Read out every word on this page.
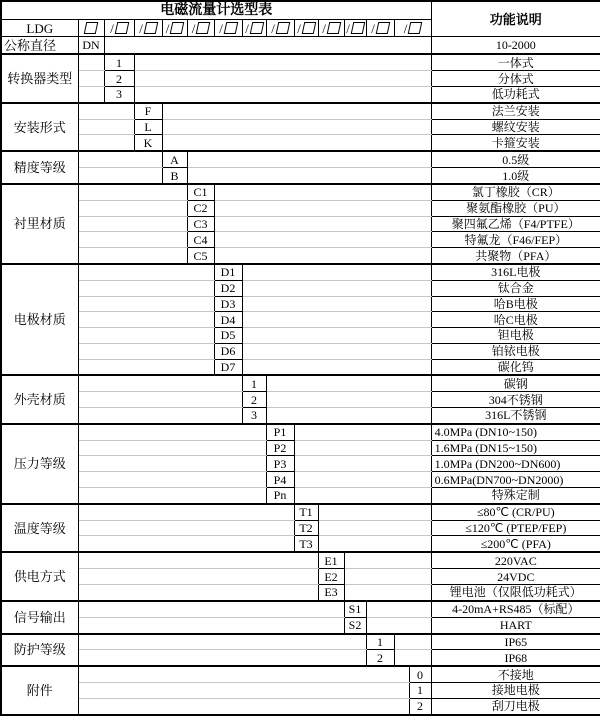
电磁流量计选型表															功能说明
LDG		/	/	/	/	/	/	/	/	/	/	/	/		
公称直径	DN														10-2000
转换器类型		1													一体式
		2													分体式
		3													低功耗式
安装形式			F												法兰安装
			L												螺纹安装
			K												卡箍安装
精度等级				A											0.5级
				B											1.0级
衬里材质					C1										氯丁橡胶（CR）
					C2										聚氨酯橡胶（PU）
					C3										聚四氟乙烯（F4/PTFE）
					C4										特氟龙（F46/FEP）
					C5										共聚物（PFA）
电极材质						D1									316L电极
						D2									钛合金
						D3									哈B电极
						D4									哈C电极
						D5									钽电极
						D6									铂铱电极
						D7									碳化钨
外壳材质							1								碳钢
							2								304不锈钢
							3								316L不锈钢
压力等级								P1							4.0MPa (DN10~150)
								P2							1.6MPa (DN15~150)
								P3							1.0MPa (DN200~DN600)
								P4							0.6MPa(DN700~DN2000)
								Pn							特殊定制
温度等级									T1						≤80℃ (CR/PU)
									T2						≤120℃ (PTEP/FEP)
									T3						≤200℃ (PFA)
供电方式										E1					220VAC
										E2					24VDC
										E3					锂电池（仅限低功耗式）
信号输出											S1				4-20mA+RS485（标配）
											S2				HART
防护等级												1			IP65
												2			IP68
附件														0	不接地
														1	接地电极
														2	刮刀电极
